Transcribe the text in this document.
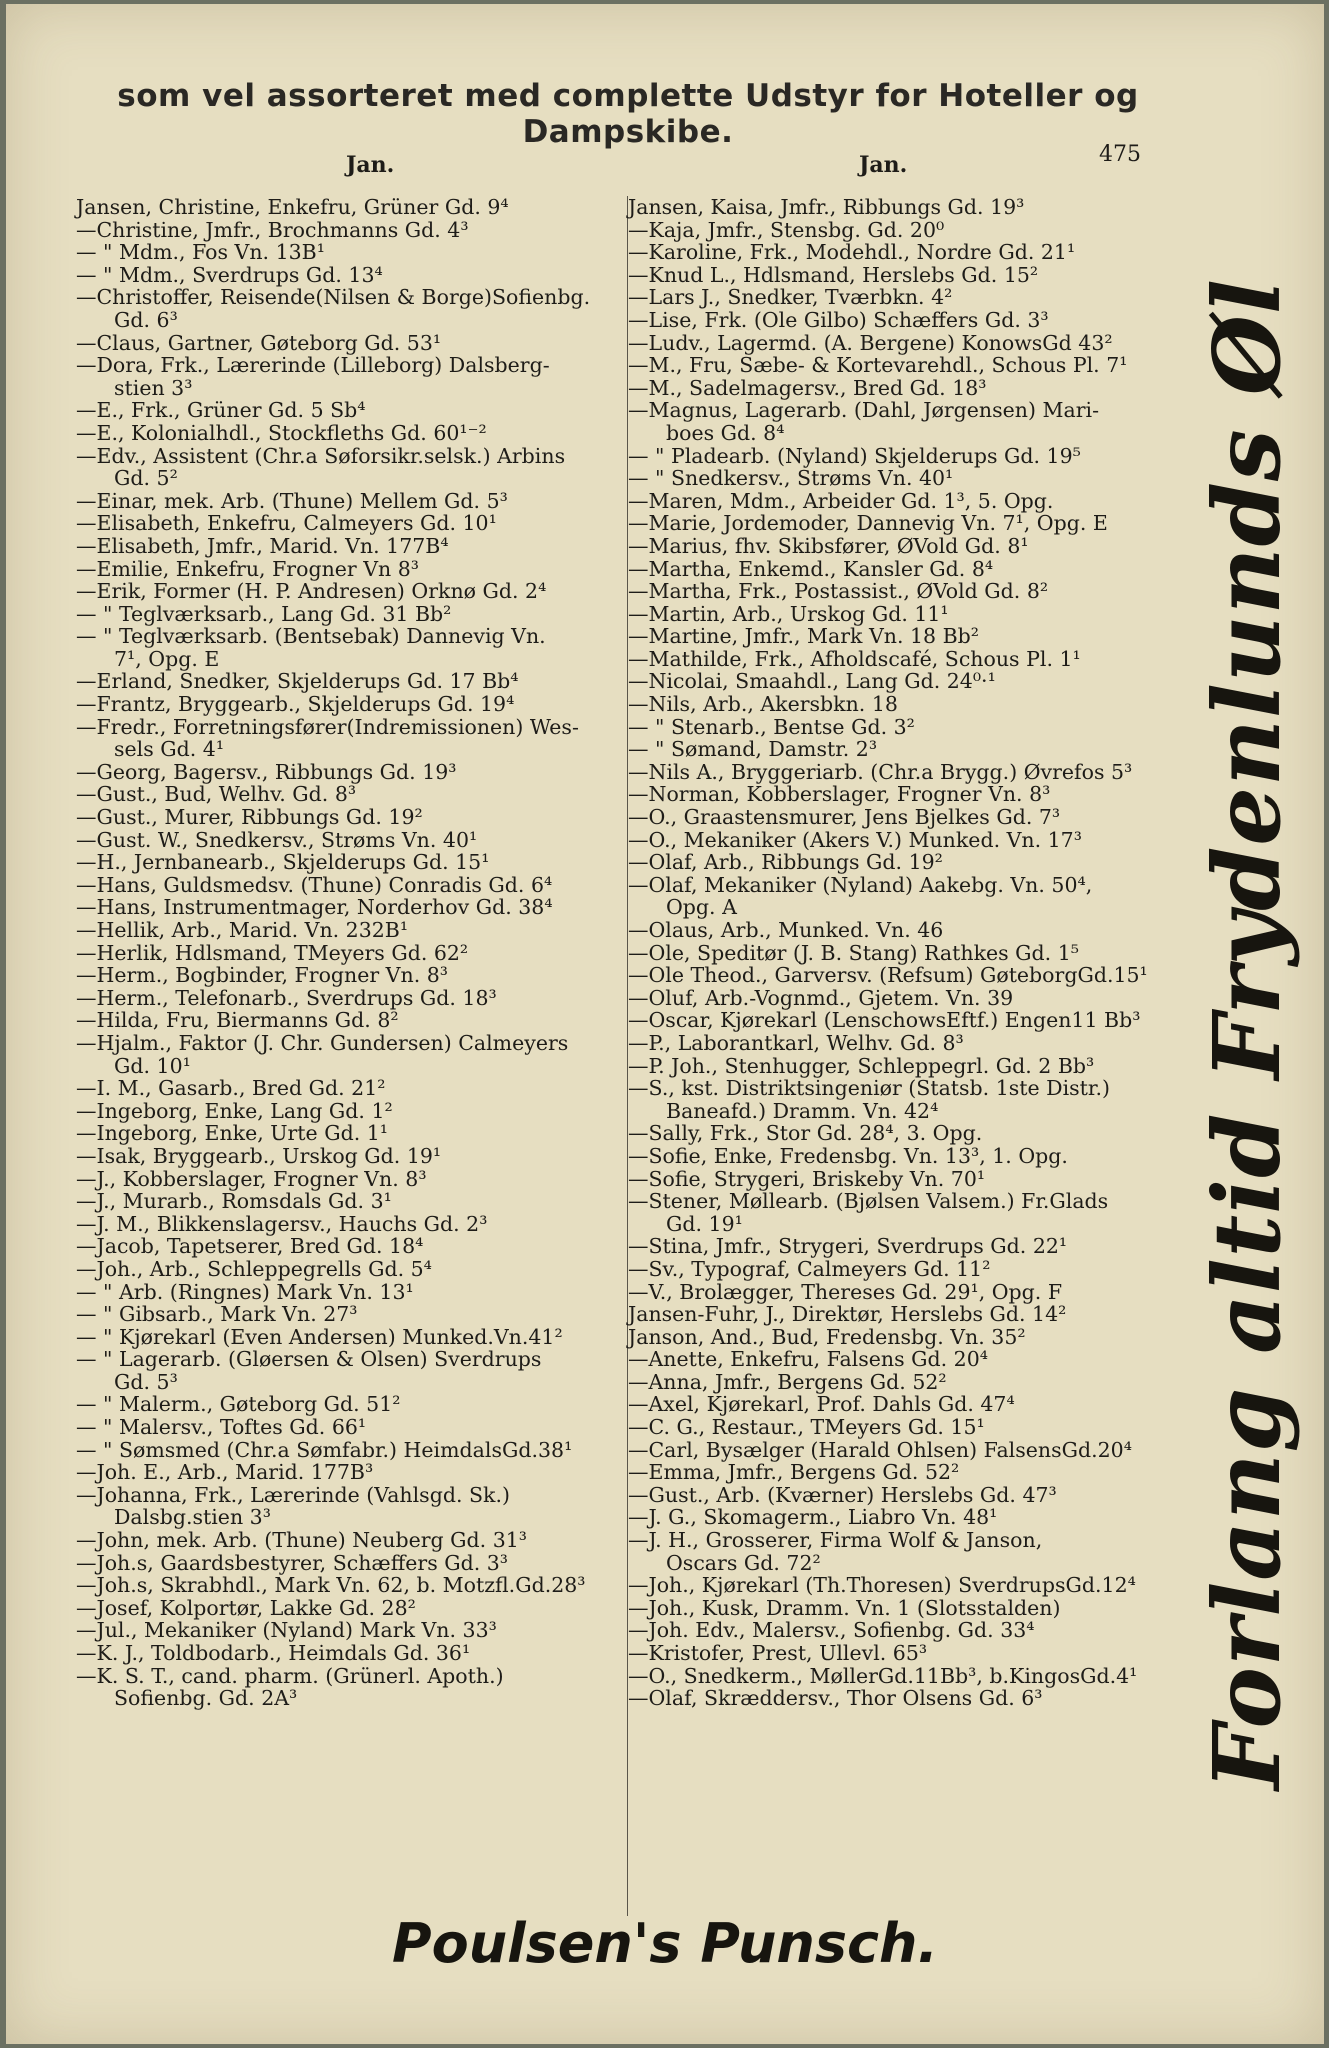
som vel assorteret med complette Udstyr for Hoteller og Dampskibe.
Jan.	Jan.	475
Jansen, Christine, Enkefru, Grüner Gd. 9⁴
—Christine, Jmfr., Brochmanns Gd. 4³
— " Mdm., Fos Vn. 13B¹
— " Mdm., Sverdrups Gd. 13⁴
—Christoffer, Reisende(Nilsen & Borge)Sofienbg.
Gd. 6³
—Claus, Gartner, Gøteborg Gd. 53¹
—Dora, Frk., Lærerinde (Lilleborg) Dalsberg-
stien 3³
—E., Frk., Grüner Gd. 5 Sb⁴
—E., Kolonialhdl., Stockfleths Gd. 60¹⁻²
—Edv., Assistent (Chr.a Søforsikr.selsk.) Arbins
Gd. 5²
—Einar, mek. Arb. (Thune) Mellem Gd. 5³
—Elisabeth, Enkefru, Calmeyers Gd. 10¹
—Elisabeth, Jmfr., Marid. Vn. 177B⁴
—Emilie, Enkefru, Frogner Vn 8³
—Erik, Former (H. P. Andresen) Orknø Gd. 2⁴
— " Teglværksarb., Lang Gd. 31 Bb²
— " Teglværksarb. (Bentsebak) Dannevig Vn.
7¹, Opg. E
—Erland, Snedker, Skjelderups Gd. 17 Bb⁴
—Frantz, Bryggearb., Skjelderups Gd. 19⁴
—Fredr., Forretningsfører(Indremissionen) Wes-
sels Gd. 4¹
—Georg, Bagersv., Ribbungs Gd. 19³
—Gust., Bud, Welhv. Gd. 8³
—Gust., Murer, Ribbungs Gd. 19²
—Gust. W., Snedkersv., Strøms Vn. 40¹
—H., Jernbanearb., Skjelderups Gd. 15¹
—Hans, Guldsmedsv. (Thune) Conradis Gd. 6⁴
—Hans, Instrumentmager, Norderhov Gd. 38⁴
—Hellik, Arb., Marid. Vn. 232B¹
—Herlik, Hdlsmand, TMeyers Gd. 62²
—Herm., Bogbinder, Frogner Vn. 8³
—Herm., Telefonarb., Sverdrups Gd. 18³
—Hilda, Fru, Biermanns Gd. 8²
—Hjalm., Faktor (J. Chr. Gundersen) Calmeyers
Gd. 10¹
—I. M., Gasarb., Bred Gd. 21²
—Ingeborg, Enke, Lang Gd. 1²
—Ingeborg, Enke, Urte Gd. 1¹
—Isak, Bryggearb., Urskog Gd. 19¹
—J., Kobberslager, Frogner Vn. 8³
—J., Murarb., Romsdals Gd. 3¹
—J. M., Blikkenslagersv., Hauchs Gd. 2³
—Jacob, Tapetserer, Bred Gd. 18⁴
—Joh., Arb., Schleppegrells Gd. 5⁴
— " Arb. (Ringnes) Mark Vn. 13¹
— " Gibsarb., Mark Vn. 27³
— " Kjørekarl (Even Andersen) Munked.Vn.41²
— " Lagerarb. (Gløersen & Olsen) Sverdrups
Gd. 5³
— " Malerm., Gøteborg Gd. 51²
— " Malersv., Toftes Gd. 66¹
— " Sømsmed (Chr.a Sømfabr.) HeimdalsGd.38¹
—Joh. E., Arb., Marid. 177B³
—Johanna, Frk., Lærerinde (Vahlsgd. Sk.)
Dalsbg.stien 3³
—John, mek. Arb. (Thune) Neuberg Gd. 31³
—Joh.s, Gaardsbestyrer, Schæffers Gd. 3³
—Joh.s, Skrabhdl., Mark Vn. 62, b. Motzfl.Gd.28³
—Josef, Kolportør, Lakke Gd. 28²
—Jul., Mekaniker (Nyland) Mark Vn. 33³
—K. J., Toldbodarb., Heimdals Gd. 36¹
—K. S. T., cand. pharm. (Grünerl. Apoth.)
Sofienbg. Gd. 2A³
Jansen, Kaisa, Jmfr., Ribbungs Gd. 19³
—Kaja, Jmfr., Stensbg. Gd. 20⁰
—Karoline, Frk., Modehdl., Nordre Gd. 21¹
—Knud L., Hdlsmand, Herslebs Gd. 15²
—Lars J., Snedker, Tværbkn. 4²
—Lise, Frk. (Ole Gilbo) Schæffers Gd. 3³
—Ludv., Lagermd. (A. Bergene) KonowsGd 43²
—M., Fru, Sæbe- & Kortevarehdl., Schous Pl. 7¹
—M., Sadelmagersv., Bred Gd. 18³
—Magnus, Lagerarb. (Dahl, Jørgensen) Mari-
boes Gd. 8⁴
— " Pladearb. (Nyland) Skjelderups Gd. 19⁵
— " Snedkersv., Strøms Vn. 40¹
—Maren, Mdm., Arbeider Gd. 1³, 5. Opg.
—Marie, Jordemoder, Dannevig Vn. 7¹, Opg. E
—Marius, fhv. Skibsfører, ØVold Gd. 8¹
—Martha, Enkemd., Kansler Gd. 8⁴
—Martha, Frk., Postassist., ØVold Gd. 8²
—Martin, Arb., Urskog Gd. 11¹
—Martine, Jmfr., Mark Vn. 18 Bb²
—Mathilde, Frk., Afholdscafé, Schous Pl. 1¹
—Nicolai, Smaahdl., Lang Gd. 24⁰·¹
—Nils, Arb., Akersbkn. 18
— " Stenarb., Bentse Gd. 3²
— " Sømand, Damstr. 2³
—Nils A., Bryggeriarb. (Chr.a Brygg.) Øvrefos 5³
—Norman, Kobberslager, Frogner Vn. 8³
—O., Graastensmurer, Jens Bjelkes Gd. 7³
—O., Mekaniker (Akers V.) Munked. Vn. 17³
—Olaf, Arb., Ribbungs Gd. 19²
—Olaf, Mekaniker (Nyland) Aakebg. Vn. 50⁴,
Opg. A
—Olaus, Arb., Munked. Vn. 46
—Ole, Speditør (J. B. Stang) Rathkes Gd. 1⁵
—Ole Theod., Garversv. (Refsum) GøteborgGd.15¹
—Oluf, Arb.-Vognmd., Gjetem. Vn. 39
—Oscar, Kjørekarl (LenschowsEftf.) Engen11 Bb³
—P., Laborantkarl, Welhv. Gd. 8³
—P. Joh., Stenhugger, Schleppegrl. Gd. 2 Bb³
—S., kst. Distriktsingeniør (Statsb. 1ste Distr.)
Baneafd.) Dramm. Vn. 42⁴
—Sally, Frk., Stor Gd. 28⁴, 3. Opg.
—Sofie, Enke, Fredensbg. Vn. 13³, 1. Opg.
—Sofie, Strygeri, Briskeby Vn. 70¹
—Stener, Møllearb. (Bjølsen Valsem.) Fr.Glads
Gd. 19¹
—Stina, Jmfr., Strygeri, Sverdrups Gd. 22¹
—Sv., Typograf, Calmeyers Gd. 11²
—V., Brolægger, Thereses Gd. 29¹, Opg. F
Jansen-Fuhr, J., Direktør, Herslebs Gd. 14²
Janson, And., Bud, Fredensbg. Vn. 35²
—Anette, Enkefru, Falsens Gd. 20⁴
—Anna, Jmfr., Bergens Gd. 52²
—Axel, Kjørekarl, Prof. Dahls Gd. 47⁴
—C. G., Restaur., TMeyers Gd. 15¹
—Carl, Bysælger (Harald Ohlsen) FalsensGd.20⁴
—Emma, Jmfr., Bergens Gd. 52²
—Gust., Arb. (Kværner) Herslebs Gd. 47³
—J. G., Skomagerm., Liabro Vn. 48¹
—J. H., Grosserer, Firma Wolf & Janson,
Oscars Gd. 72²
—Joh., Kjørekarl (Th.Thoresen) SverdrupsGd.12⁴
—Joh., Kusk, Dramm. Vn. 1 (Slotsstalden)
—Joh. Edv., Malersv., Sofienbg. Gd. 33⁴
—Kristofer, Prest, Ullevl. 65³
—O., Snedkerm., MøllerGd.11Bb³, b.KingosGd.4¹
—Olaf, Skræddersv., Thor Olsens Gd. 6³	Forlang altid Frydenlunds Øl
Poulsen's Punsch.
